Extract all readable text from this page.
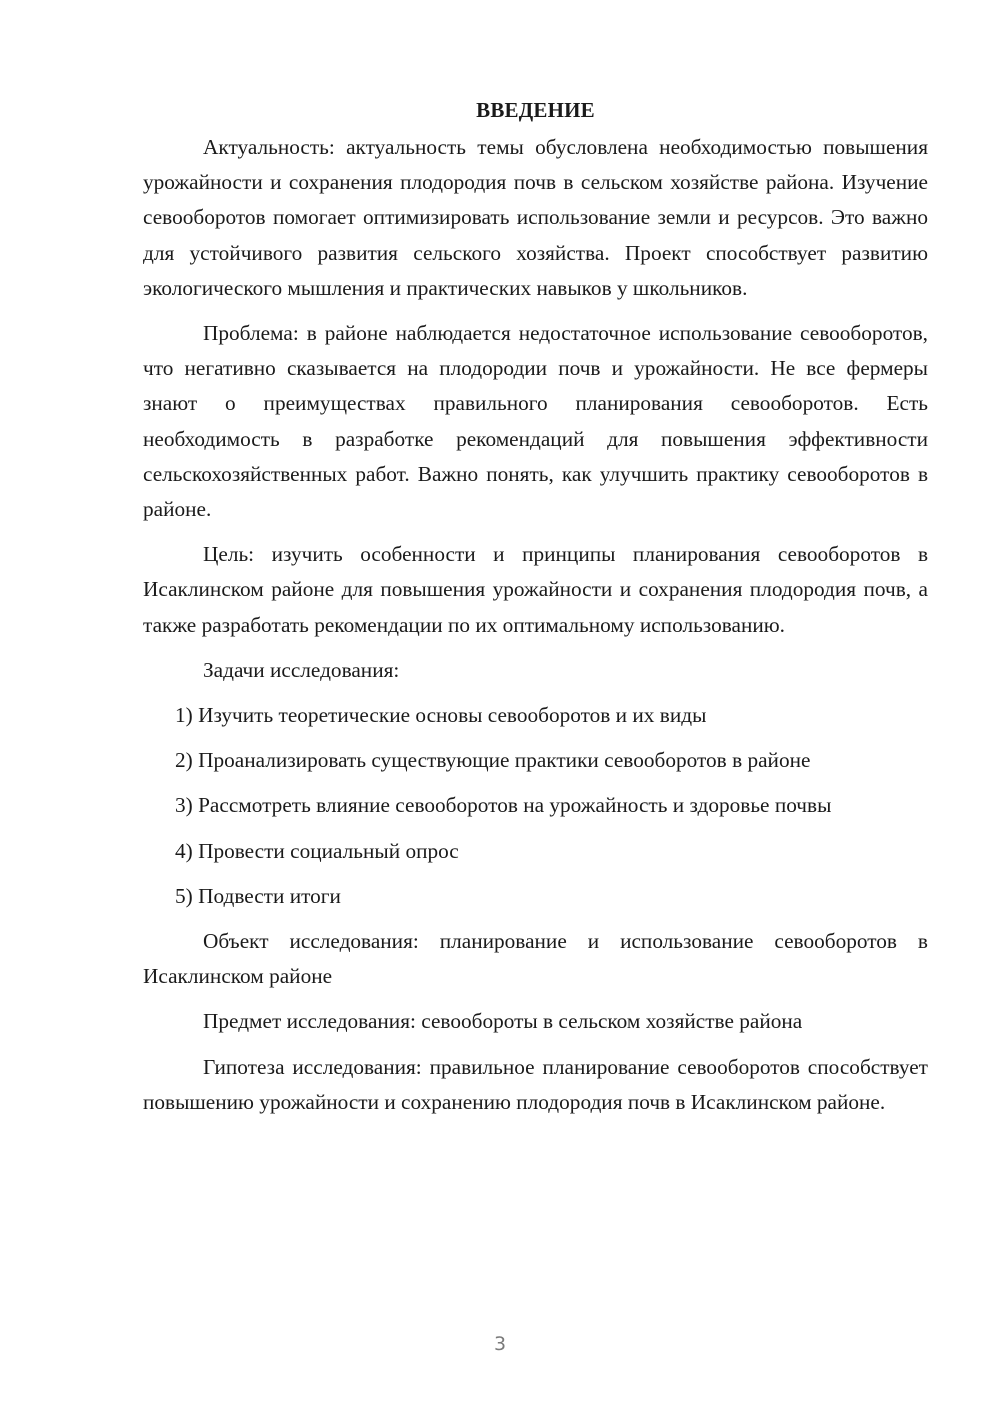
ВВЕДЕНИЕ

Актуальность: актуальность темы обусловлена необходимостью повышения урожайности и сохранения плодородия почв в сельском хозяйстве района. Изучение севооборотов помогает оптимизировать использование земли и ресурсов. Это важно для устойчивого развития сельского хозяйства. Проект способствует развитию экологического мышления и практических навыков у школьников.

Проблема: в районе наблюдается недостаточное использование севооборотов, что негативно сказывается на плодородии почв и урожайности. Не все фермеры знают о преимуществах правильного планирования севооборотов. Есть необходимость в разработке рекомендаций для повышения эффективности сельскохозяйственных работ. Важно понять, как улучшить практику севооборотов в районе.

Цель: изучить особенности и принципы планирования севооборотов в Исаклинском районе для повышения урожайности и сохранения плодородия почв, а также разработать рекомендации по их оптимальному использованию.

Задачи исследования:

1) Изучить теоретические основы севооборотов и их виды

2) Проанализировать существующие практики севооборотов в районе

3) Рассмотреть влияние севооборотов на урожайность и здоровье почвы

4) Провести социальный опрос

5) Подвести итоги

Объект исследования: планирование и использование севооборотов в Исаклинском районе

Предмет исследования: севообороты в сельском хозяйстве района

Гипотеза исследования: правильное планирование севооборотов способствует повышению урожайности и сохранению плодородия почв в Исаклинском районе.

3
